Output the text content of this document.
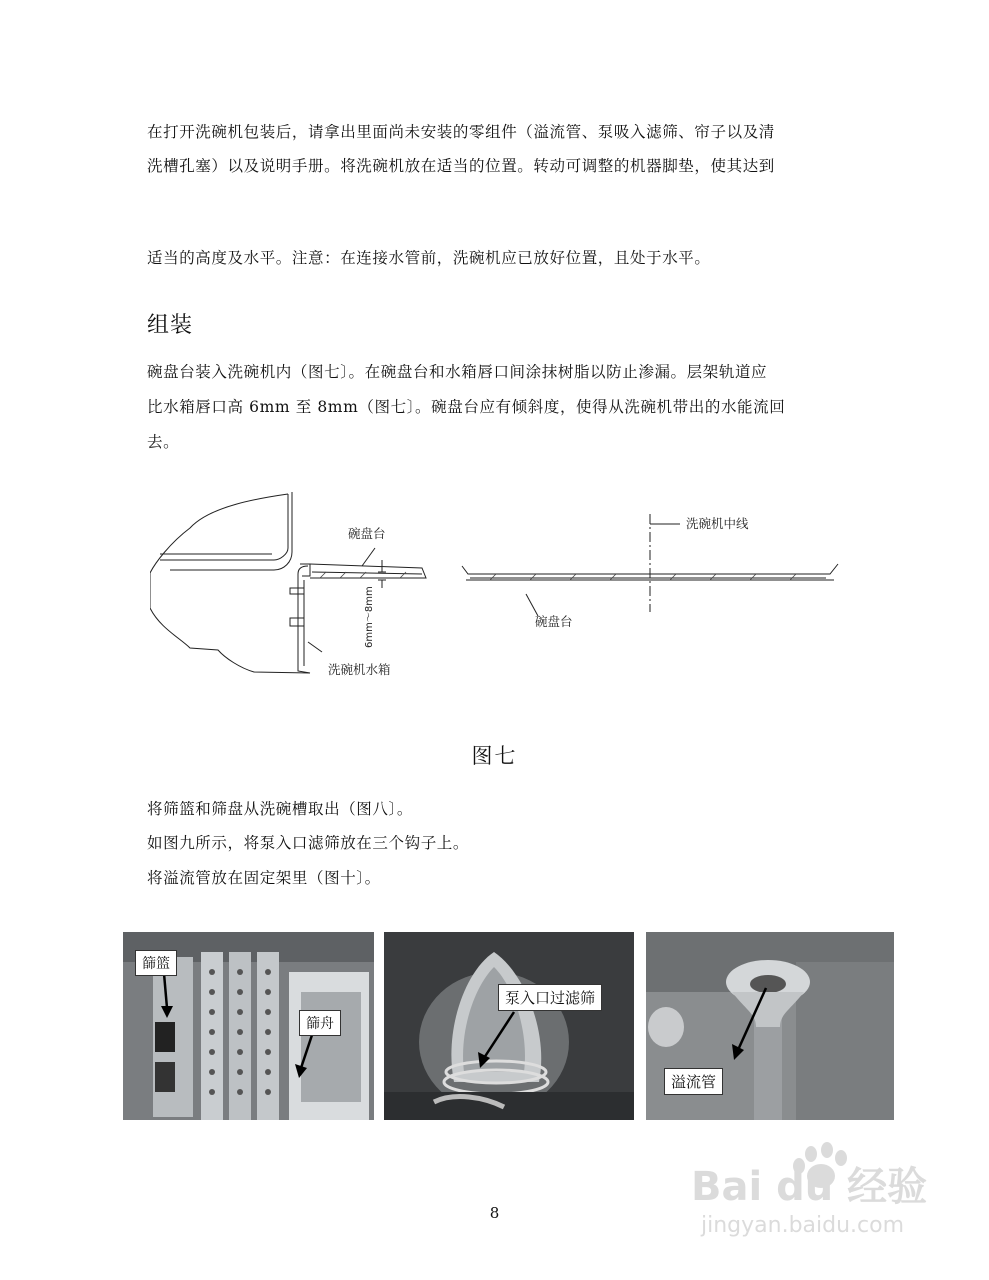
在打开洗碗机包装后，请拿出里面尚未安装的零组件（溢流管、泵吸入滤筛、帘子以及清
洗槽孔塞）以及说明手册。将洗碗机放在适当的位置。转动可调整的机器脚垫，使其达到
适当的高度及水平。注意：在连接水管前，洗碗机应已放好位置，且处于水平。
组装
碗盘台装入洗碗机内（图七〕。在碗盘台和水箱唇口间涂抹树脂以防止渗漏。层架轨道应
比水箱唇口高 6mm 至 8mm（图七〕。碗盘台应有倾斜度，使得从洗碗机带出的水能流回
去。
碗盘台
6mm～8mm
洗碗机水箱
洗碗机中线
碗盘台
图七
将筛篮和筛盘从洗碗槽取出（图八〕。
如图九所示，将泵入口滤筛放在三个钩子上。
将溢流管放在固定架里（图十〕。
篩篮
篩舟
泵入口过滤筛
溢流管
8
Bai du 经验
jingyan.baidu.com
